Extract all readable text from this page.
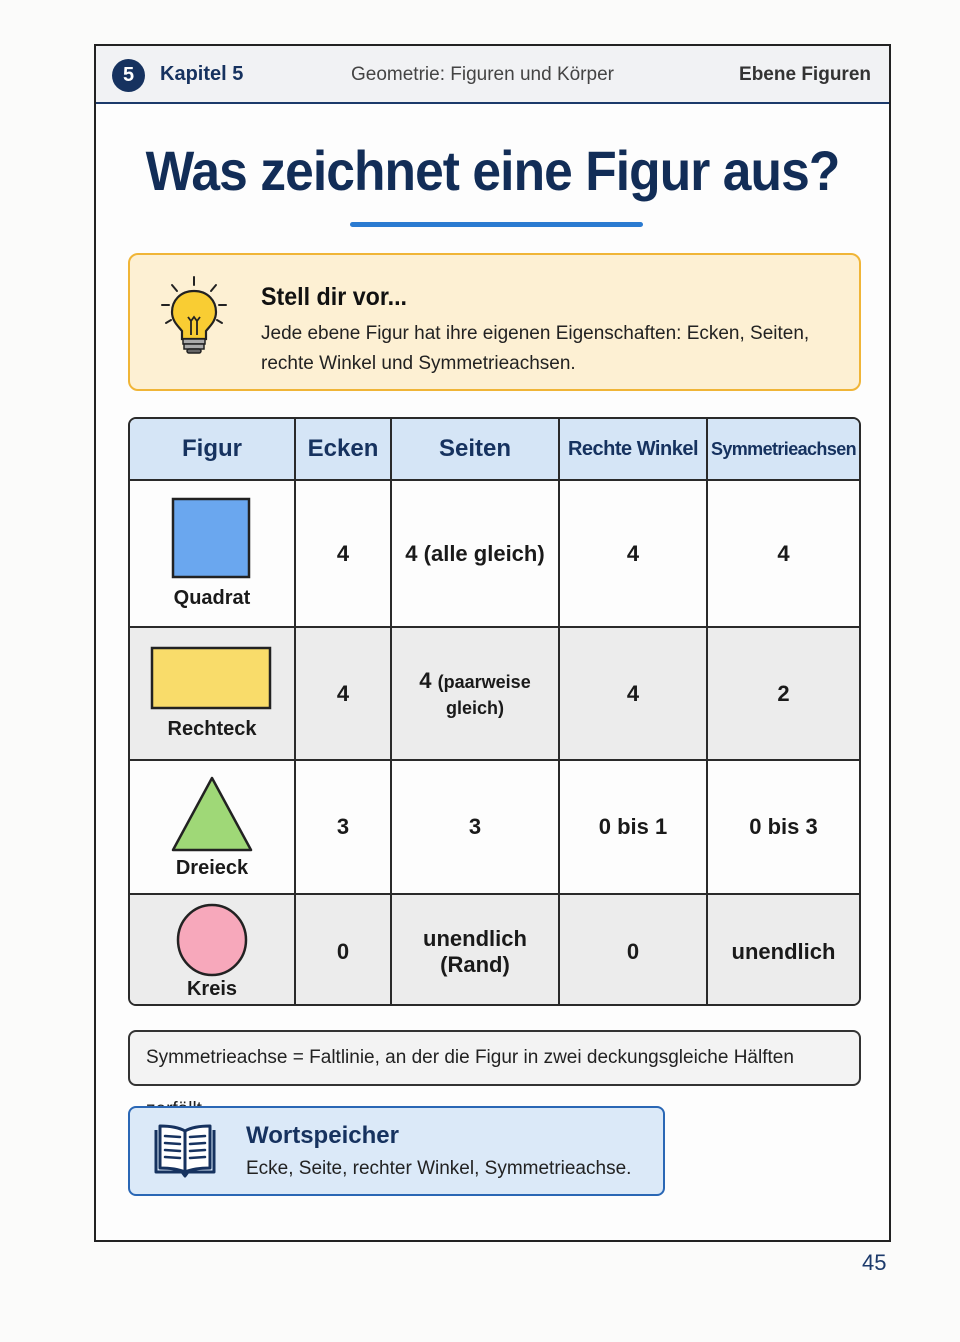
5	Kapitel 5	Geometrie: Figuren und Körper	Ebene Figuren
Was zeichnet eine Figur aus?
Stell dir vor...
Jede ebene Figur hat ihre eigenen Eigenschaften: Ecken, Seiten, rechte Winkel und Symmetrieachsen.
Figur	Ecken	Seiten	Rechte Winkel	Symmetrieachsen

Quadrat	4	4 (alle gleich)	4	4

Rechteck	4	4 (paarweise gleich)	4	2

Dreieck	3	3	0 bis 1	0 bis 3

Kreis	0	unendlich (Rand)	0	unendlich
Symmetrieachse = Faltlinie, an der die Figur in zwei deckungsgleiche Hälften
Wortspeicher
Ecke, Seite, rechter Winkel, Symmetrieachse.
45
